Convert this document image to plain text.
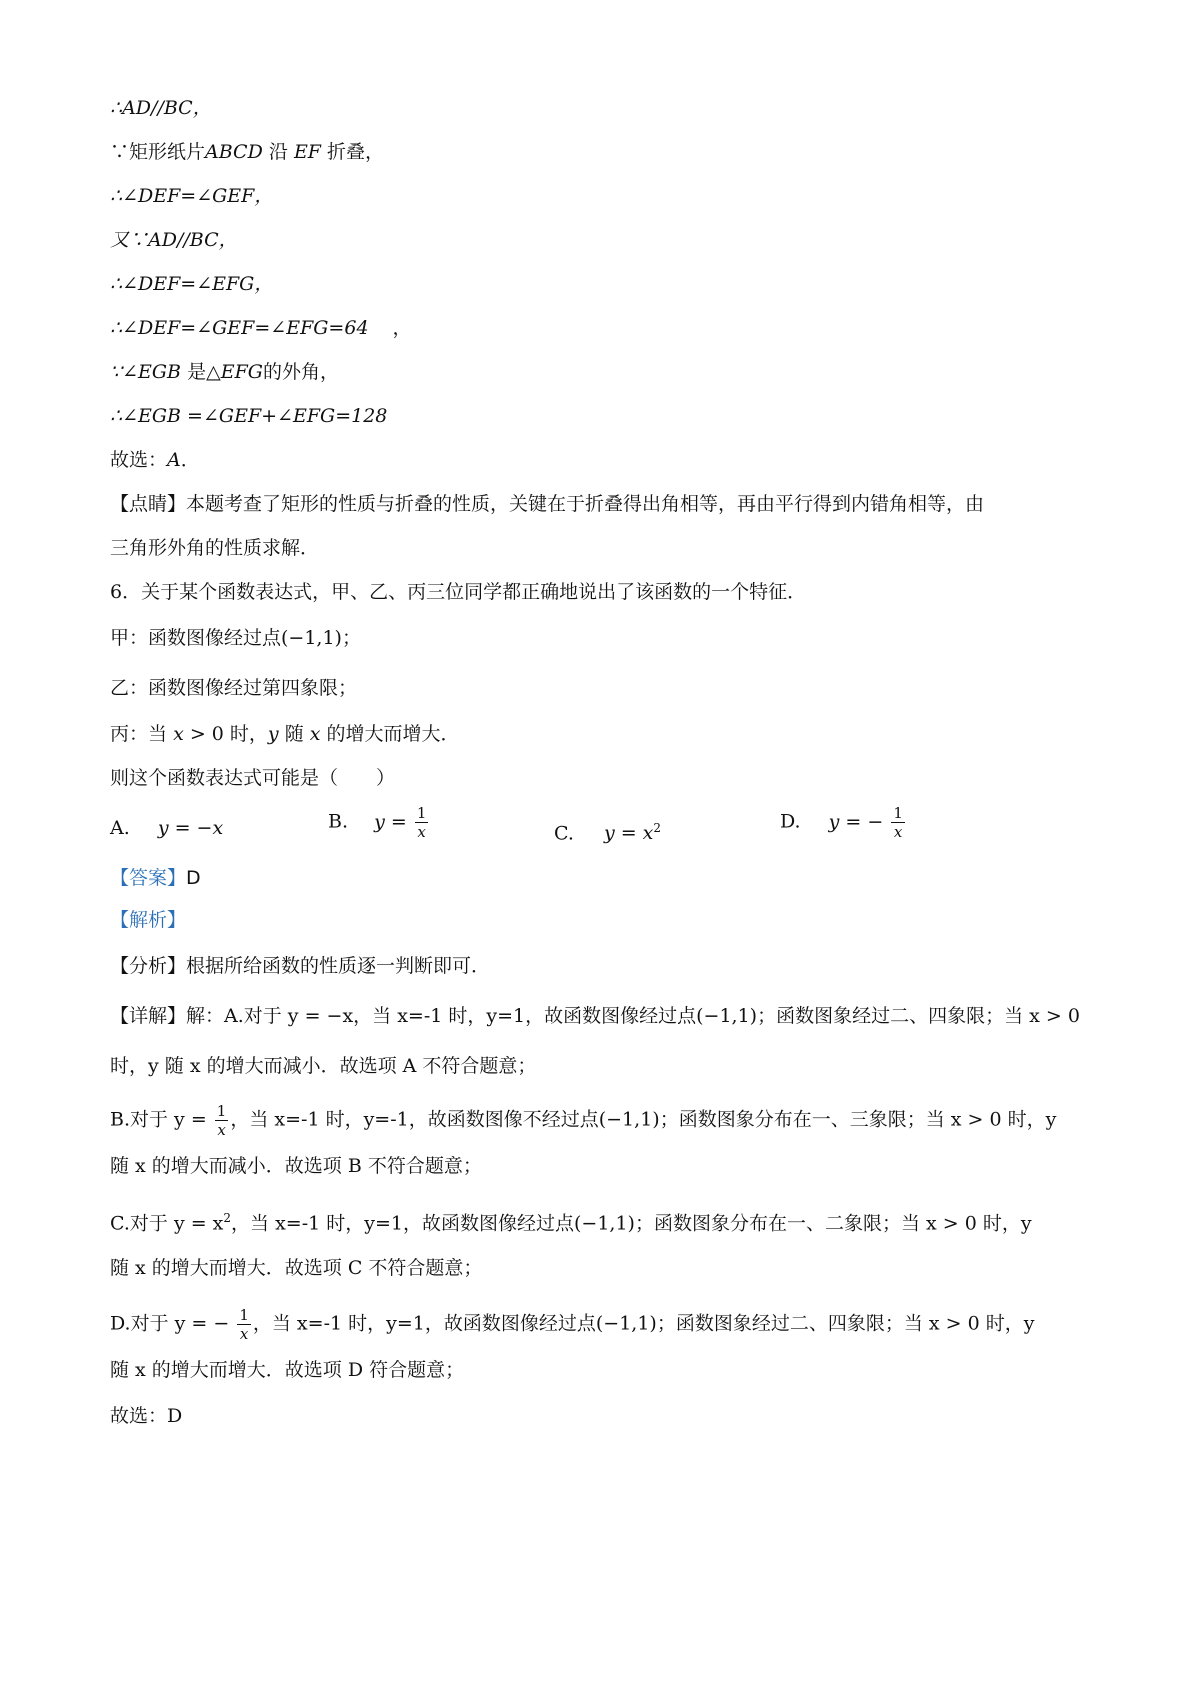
∴AD//BC，
∵矩形纸片ABCD 沿 EF 折叠，
∴∠DEF=∠GEF，
又∵AD//BC，
∴∠DEF=∠EFG，
∴∠DEF=∠GEF=∠EFG=64 ，
∵∠EGB 是△EFG的外角，
∴∠EGB =∠GEF+∠EFG=128
故选：A．
【点睛】本题考查了矩形的性质与折叠的性质，关键在于折叠得出角相等，再由平行得到内错角相等，由
三角形外角的性质求解．
6．关于某个函数表达式，甲、乙、丙三位同学都正确地说出了该函数的一个特征．
甲：函数图像经过点(−1,1)；
乙：函数图像经过第四象限；
丙：当 x > 0 时，y 随 x 的增大而增大．
则这个函数表达式可能是（　　）
A. y = −x	B. $y = \frac{1}{x}$	C. $y = x^2$	D. y = − $\frac{1}{x}$
【答案】D
【解析】
【分析】根据所给函数的性质逐一判断即可．
【详解】解：A.对于 y = −x，当 x=-1 时，y=1，故函数图像经过点(−1,1)；函数图象经过二、四象限；当 x > 0
时，y 随 x 的增大而减小．故选项 A 不符合题意；
B.对于 $y = \frac{1}{x}$ ，当 x=-1 时，y=-1，故函数图像不经过点(−1,1)；函数图象分布在一、三象限；当 x > 0 时，y
随 x 的增大而减小．故选项 B 不符合题意；
C.对于 $y = x^2$，当 x=-1 时，y=1，故函数图像经过点(−1,1)；函数图象分布在一、二象限；当 x > 0 时，y
随 x 的增大而增大．故选项 C 不符合题意；
D.对于 y = − $\frac{1}{x}$ ，当 x=-1 时，y=1，故函数图像经过点(−1,1)；函数图象经过二、四象限；当 x > 0 时，y
随 x 的增大而增大．故选项 D 符合题意；
故选：D
